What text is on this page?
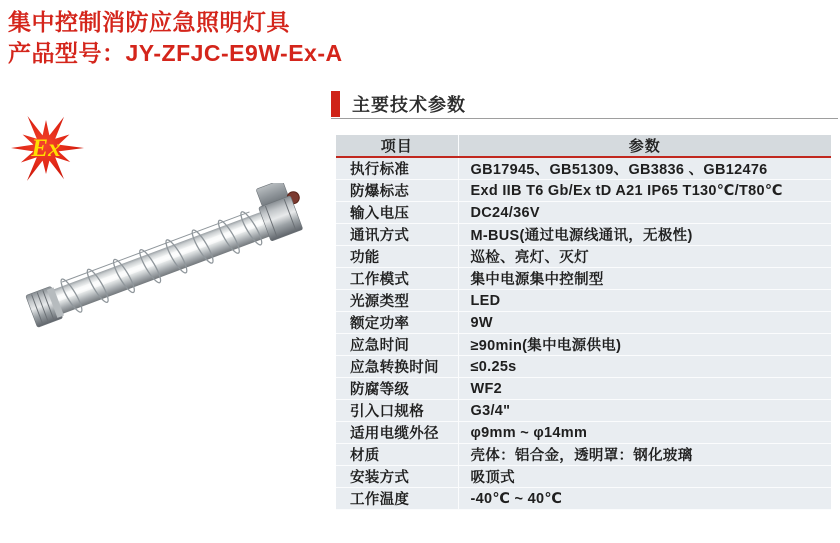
集中控制消防应急照明灯具
产品型号：JY-ZFJC-E9W-Ex-A
Ex
主要技术参数
项目	参数
执行标准	GB17945、GB51309、GB3836 、GB12476
防爆标志	Exd IIB T6 Gb/Ex tD A21 IP65 T130℃/T80℃
输入电压	DC24/36V
通讯方式	M-BUS(通过电源线通讯，无极性)
功能	巡检、亮灯、灭灯
工作模式	集中电源集中控制型
光源类型	LED
额定功率	9W
应急时间	≥90min(集中电源供电)
应急转换时间	≤0.25s
防腐等级	WF2
引入口规格	G3/4"
适用电缆外径	φ9mm ~ φ14mm
材质	壳体：铝合金，透明罩：钢化玻璃
安装方式	吸顶式
工作温度	-40℃ ~ 40℃
